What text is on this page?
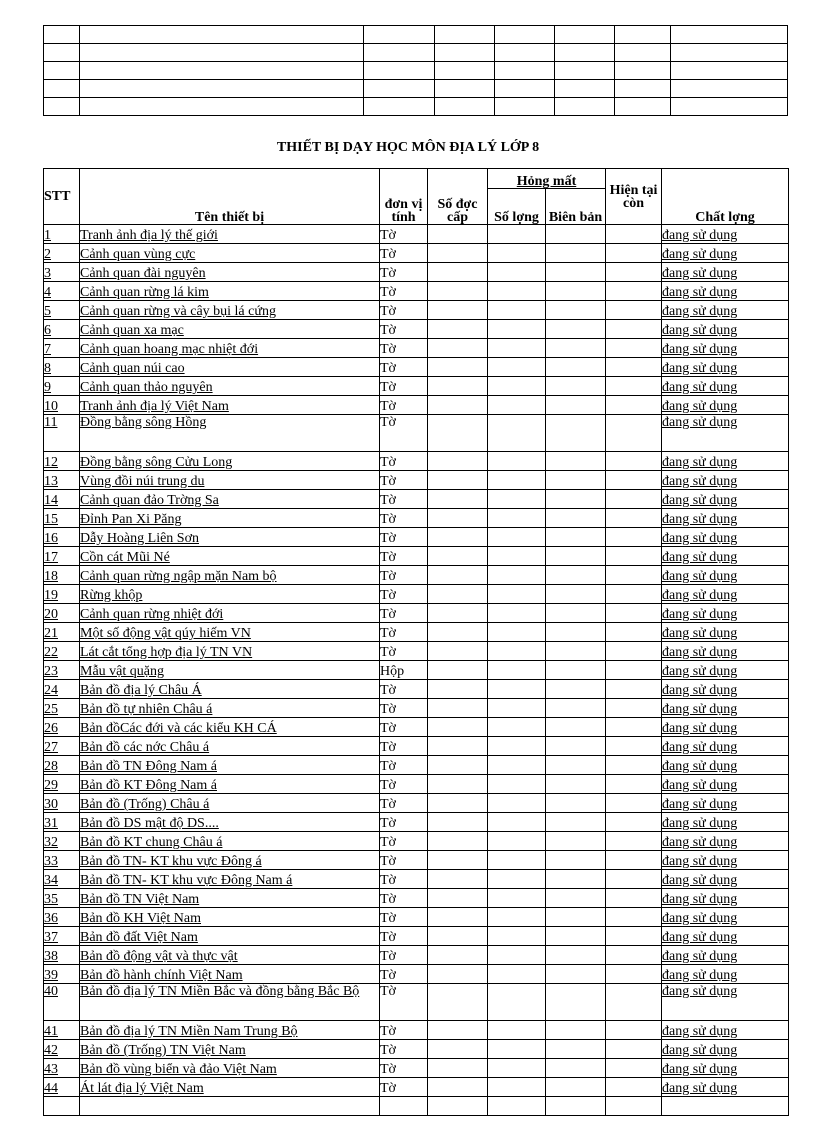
THIẾT BỊ DẠY HỌC MÔN ĐỊA LÝ LỚP 8
STT	Tên thiết bị	đơn vị tính	Số đợc cấp	Hỏng mất		Hiện tại còn	Chất lợng
				Số lợng	Biên bản		
1	Tranh ảnh địa lý thế giới	Tờ					đang sử dụng
2	Cảnh quan vùng cực	Tờ					đang sử dụng
3	Cảnh quan đài nguyên	Tờ					đang sử dụng
4	Cảnh quan rừng lá kim	Tờ					đang sử dụng
5	Cảnh quan rừng và cây bụi lá cứng	Tờ					đang sử dụng
6	Cảnh quan xa mạc	Tờ					đang sử dụng
7	Cảnh quan hoang mạc nhiệt đới	Tờ					đang sử dụng
8	Cảnh quan núi cao	Tờ					đang sử dụng
9	Cảnh quan thảo nguyên	Tờ					đang sử dụng
10	Tranh ảnh địa lý Việt Nam	Tờ					đang sử dụng
11	Đồng bằng sông Hồng	Tờ					đang sử dụng
12	Đồng bằng sông Cửu Long	Tờ					đang sử dụng
13	Vùng đồi núi trung du	Tờ					đang sử dụng
14	Cảnh quan đảo Trờng Sa	Tờ					đang sử dụng
15	Đỉnh Pan Xi Păng	Tờ					đang sử dụng
16	Dẫy Hoàng Liên Sơn	Tờ					đang sử dụng
17	Cồn cát Mũi Né	Tờ					đang sử dụng
18	Cảnh quan rừng ngập mặn Nam bộ	Tờ					đang sử dụng
19	Rừng khộp	Tờ					đang sử dụng
20	Cảnh quan rừng nhiệt đới	Tờ					đang sử dụng
21	Một số động vật qúy hiếm VN	Tờ					đang sử dụng
22	Lát cắt tổng hợp địa lý TN VN	Tờ					đang sử dụng
23	Mẫu vật quặng	Hộp					đang sử dụng
24	Bản đồ địa lý Châu Á	Tờ					đang sử dụng
25	Bản đồ tự nhiên Châu á	Tờ					đang sử dụng
26	Bản đồCác đới và các kiểu KH CÁ	Tờ					đang sử dụng
27	Bản đồ các nớc Châu á	Tờ					đang sử dụng
28	Bản đồ TN Đông Nam á	Tờ					đang sử dụng
29	Bản đồ KT Đông Nam á	Tờ					đang sử dụng
30	Bản đồ (Trống) Châu á	Tờ					đang sử dụng
31	Bản đồ DS mật độ DS....	Tờ					đang sử dụng
32	Bản đồ KT chung Châu á	Tờ					đang sử dụng
33	Bản đồ TN- KT khu vực Đông á	Tờ					đang sử dụng
34	Bản đồ TN- KT khu vực Đông Nam á	Tờ					đang sử dụng
35	Bản đồ TN Việt Nam	Tờ					đang sử dụng
36	Bản đồ KH Việt Nam	Tờ					đang sử dụng
37	Bản đồ đất Việt Nam	Tờ					đang sử dụng
38	Bản đồ động vật và thực vật	Tờ					đang sử dụng
39	Bản đồ hành chính Việt Nam	Tờ					đang sử dụng
40	Bản đồ địa lý TN Miền Bắc và đồng bằng Bắc Bộ	Tờ					đang sử dụng
41	Bản đồ địa lý TN Miền Nam Trung Bộ	Tờ					đang sử dụng
42	Bản đồ (Trống) TN Việt Nam	Tờ					đang sử dụng
43	Bản đồ vùng biển và đảo Việt Nam	Tờ					đang sử dụng
44	Át lát địa lý Việt Nam	Tờ					đang sử dụng
